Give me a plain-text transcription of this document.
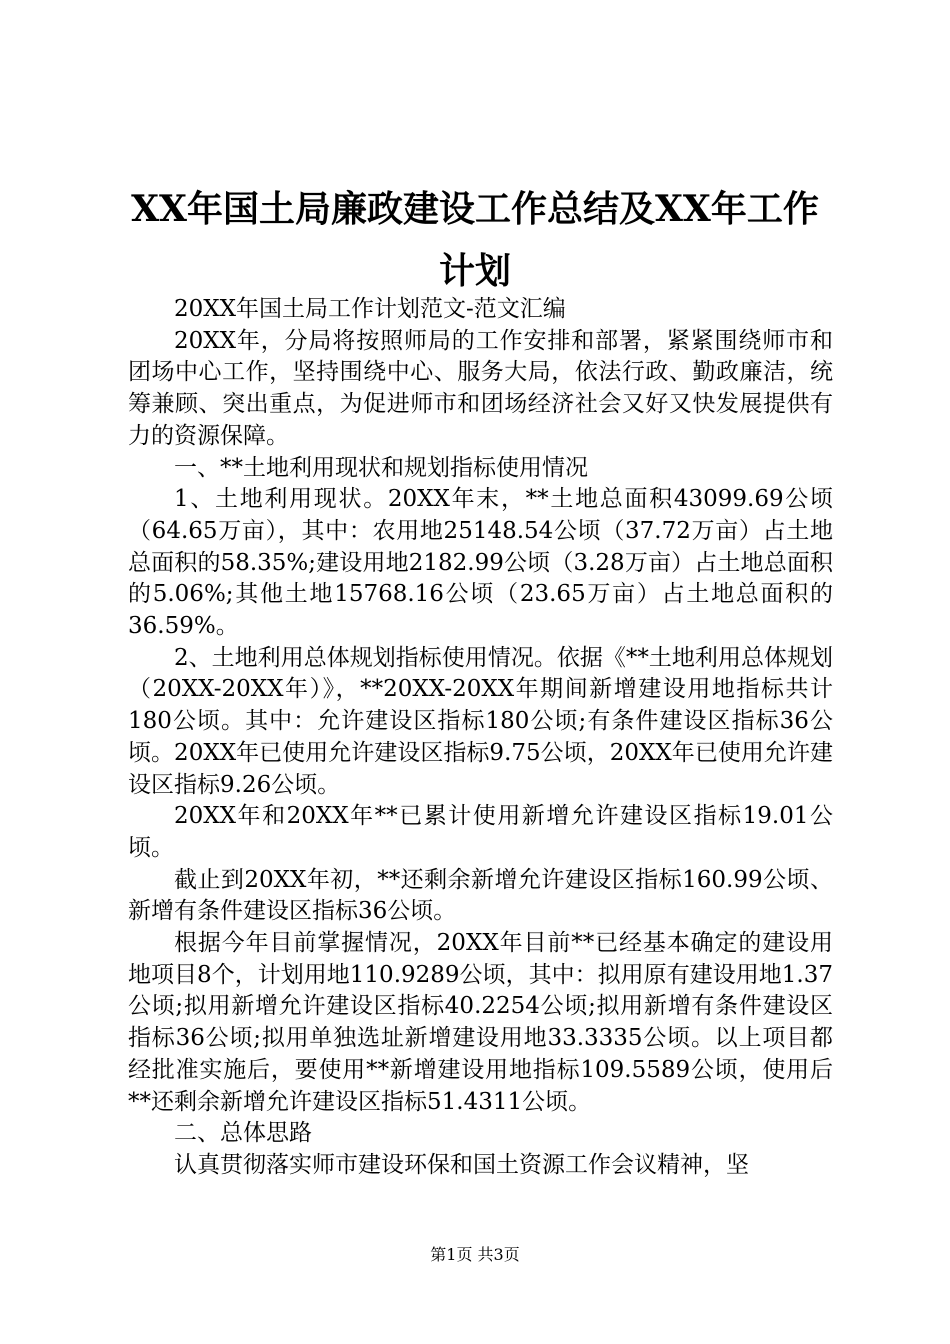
XX年国土局廉政建设工作总结及XX年工作计划

20XX年国土局工作计划范文-范文汇编

20XX年，分局将按照师局的工作安排和部署，紧紧围绕师市和团场中心工作，坚持围绕中心、服务大局，依法行政、勤政廉洁，统筹兼顾、突出重点，为促进师市和团场经济社会又好又快发展提供有力的资源保障。

一、**土地利用现状和规划指标使用情况

1、土地利用现状。20XX年末，**土地总面积43099.69公顷（64.65万亩），其中：农用地25148.54公顷（37.72万亩）占土地总面积的58.35%;建设用地2182.99公顷（3.28万亩）占土地总面积的5.06%;其他土地15768.16公顷（23.65万亩）占土地总面积的36.59%。

2、土地利用总体规划指标使用情况。依据《**土地利用总体规划（20XX-20XX年）》，**20XX-20XX年期间新增建设用地指标共计180公顷。其中：允许建设区指标180公顷;有条件建设区指标36公顷。20XX年已使用允许建设区指标9.75公顷，20XX年已使用允许建设区指标9.26公顷。

20XX年和20XX年**已累计使用新增允许建设区指标19.01公顷。

截止到20XX年初，**还剩余新增允许建设区指标160.99公顷、新增有条件建设区指标36公顷。

根据今年目前掌握情况，20XX年目前**已经基本确定的建设用地项目8个，计划用地110.9289公顷，其中：拟用原有建设用地1.37公顷;拟用新增允许建设区指标40.2254公顷;拟用新增有条件建设区指标36公顷;拟用单独选址新增建设用地33.3335公顷。以上项目都经批准实施后，要使用**新增建设用地指标109.5589公顷，使用后**还剩余新增允许建设区指标51.4311公顷。

二、总体思路

认真贯彻落实师市建设环保和国土资源工作会议精神，坚

第1页 共3页
